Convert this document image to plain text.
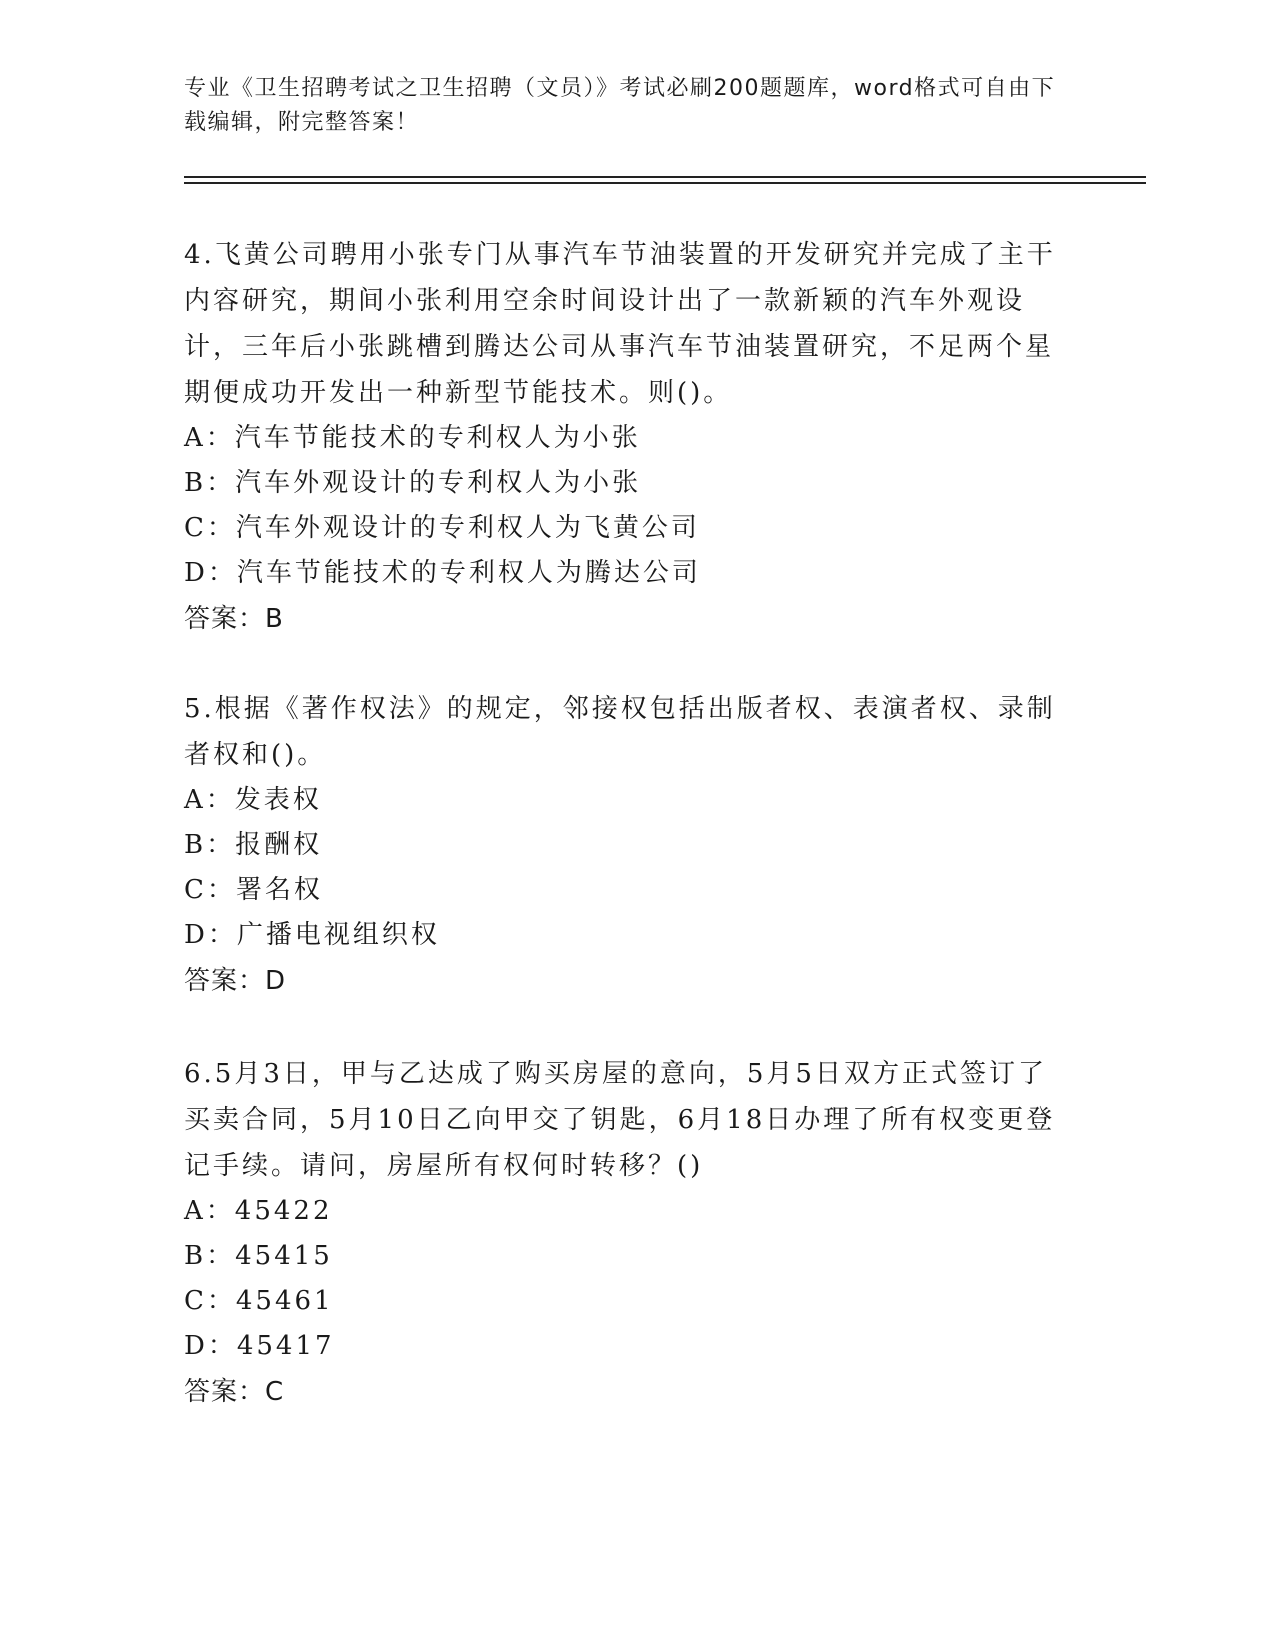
专业《卫生招聘考试之卫生招聘（文员）》考试必刷200题题库，word格式可自由下载编辑，附完整答案！

4.飞黄公司聘用小张专门从事汽车节油装置的开发研究并完成了主干内容研究，期间小张利用空余时间设计出了一款新颖的汽车外观设计，三年后小张跳槽到腾达公司从事汽车节油装置研究，不足两个星期便成功开发出一种新型节能技术。则()。

A：汽车节能技术的专利权人为小张
B：汽车外观设计的专利权人为小张
C：汽车外观设计的专利权人为飞黄公司
D：汽车节能技术的专利权人为腾达公司
答案：B

5.根据《著作权法》的规定，邻接权包括出版者权、表演者权、录制者权和()。

A：发表权
B：报酬权
C：署名权
D：广播电视组织权
答案：D

6.5月3日，甲与乙达成了购买房屋的意向，5月5日双方正式签订了买卖合同，5月10日乙向甲交了钥匙，6月18日办理了所有权变更登记手续。请问，房屋所有权何时转移？()

A：45422
B：45415
C：45461
D：45417
答案：C
